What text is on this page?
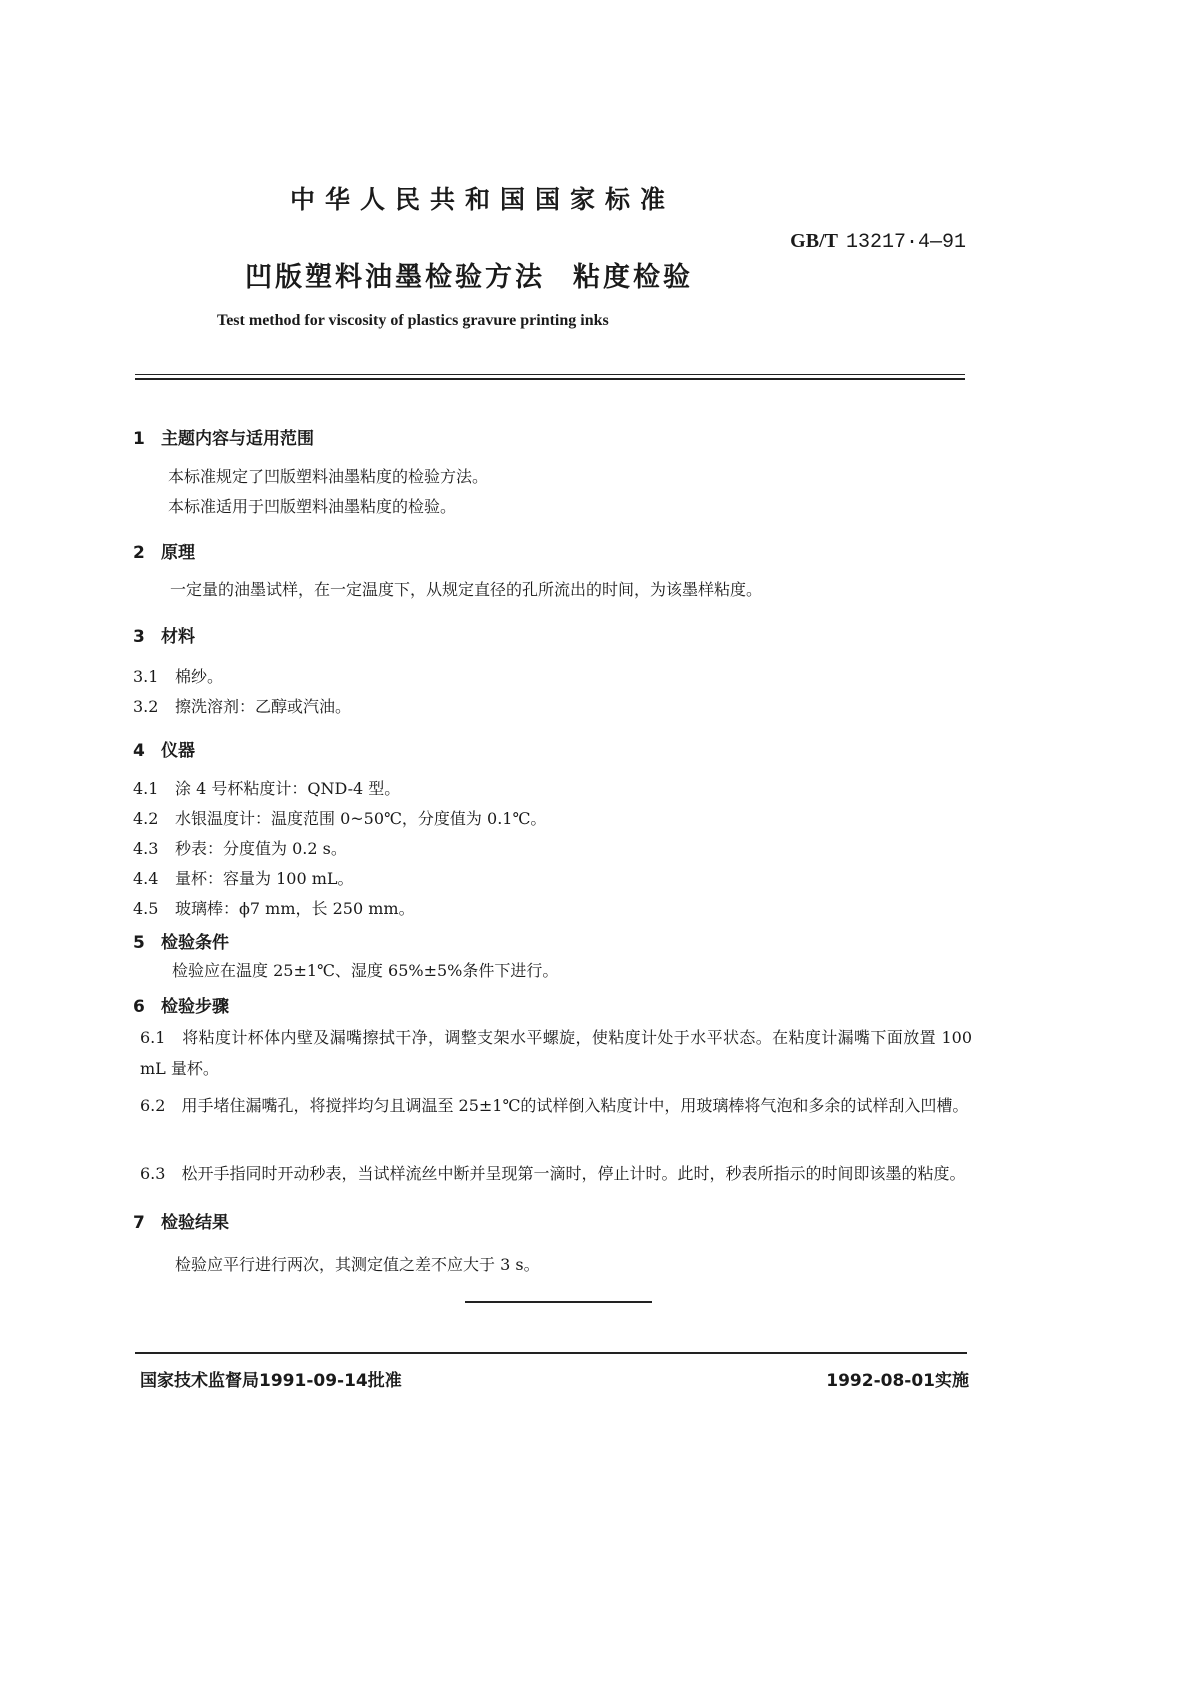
中华人民共和国国家标准
GB/T 13217·4—91
凹版塑料油墨检验方法 粘度检验
Test method for viscosity of plastics gravure printing inks
1 主题内容与适用范围
本标准规定了凹版塑料油墨粘度的检验方法。
本标准适用于凹版塑料油墨粘度的检验。
2 原理
一定量的油墨试样，在一定温度下，从规定直径的孔所流出的时间，为该墨样粘度。
3 材料
3.1 棉纱。
3.2 擦洗溶剂：乙醇或汽油。
4 仪器
4.1 涂 4 号杯粘度计：QND-4 型。
4.2 水银温度计：温度范围 0~50℃，分度值为 0.1℃。
4.3 秒表：分度值为 0.2 s。
4.4 量杯：容量为 100 mL。
4.5 玻璃棒：ϕ7 mm，长 250 mm。
5 检验条件
检验应在温度 25±1℃、湿度 65%±5%条件下进行。
6 检验步骤
6.1　将粘度计杯体内壁及漏嘴擦拭干净，调整支架水平螺旋，使粘度计处于水平状态。在粘度计漏嘴下面放置 100 mL 量杯。
6.2　用手堵住漏嘴孔，将搅拌均匀且调温至 25±1℃的试样倒入粘度计中，用玻璃棒将气泡和多余的试样刮入凹槽。
6.3　松开手指同时开动秒表，当试样流丝中断并呈现第一滴时，停止计时。此时，秒表所指示的时间即该墨的粘度。
7 检验结果
检验应平行进行两次，其测定值之差不应大于 3 s。
国家技术监督局1991-09-14批准	1992-08-01实施
